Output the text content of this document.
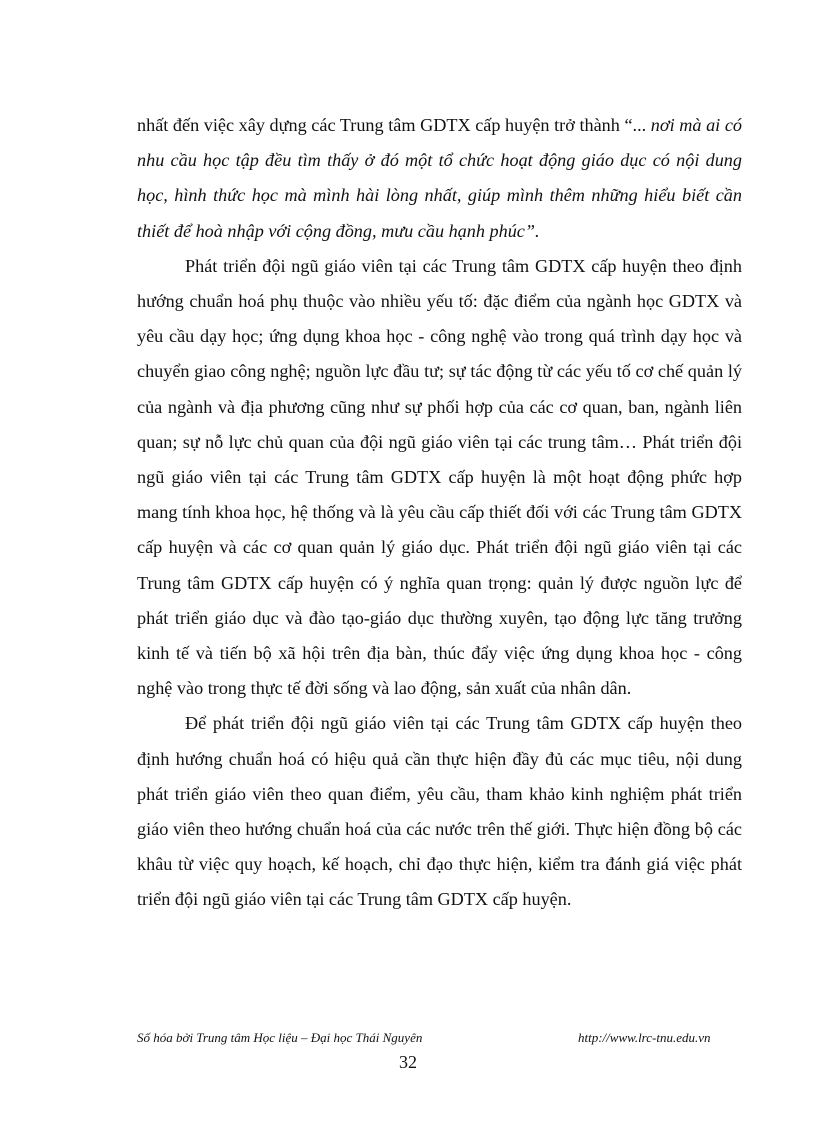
nhất đến việc xây dựng các Trung tâm GDTX cấp huyện trở thành “... nơi mà ai có nhu cầu học tập đều tìm thấy ở đó một tổ chức hoạt động giáo dục có nội dung học, hình thức học mà mình hài lòng nhất, giúp mình thêm những hiểu biết cần thiết để hoà nhập với cộng đồng, mưu cầu hạnh phúc”.

Phát triển đội ngũ giáo viên tại các Trung tâm GDTX cấp huyện theo định hướng chuẩn hoá phụ thuộc vào nhiều yếu tố: đặc điểm của ngành học GDTX và yêu cầu dạy học; ứng dụng khoa học - công nghệ vào trong quá trình dạy học và chuyển giao công nghệ; nguồn lực đầu tư; sự tác động từ các yếu tố cơ chế quản lý của ngành và địa phương cũng như sự phối hợp của các cơ quan, ban, ngành liên quan; sự nỗ lực chủ quan của đội ngũ giáo viên tại các trung tâm… Phát triển đội ngũ giáo viên tại các Trung tâm GDTX cấp huyện là một hoạt động phức hợp mang tính khoa học, hệ thống và là yêu cầu cấp thiết đối với các Trung tâm GDTX cấp huyện và các cơ quan quản lý giáo dục. Phát triển đội ngũ giáo viên tại các Trung tâm GDTX cấp huyện có ý nghĩa quan trọng: quản lý được nguồn lực để phát triển giáo dục và đào tạo-giáo dục thường xuyên, tạo động lực tăng trưởng kinh tế và tiến bộ xã hội trên địa bàn, thúc đẩy việc ứng dụng khoa học - công nghệ vào trong thực tế đời sống và lao động, sản xuất của nhân dân.

Để phát triển đội ngũ giáo viên tại các Trung tâm GDTX cấp huyện theo định hướng chuẩn hoá có hiệu quả cần thực hiện đầy đủ các mục tiêu, nội dung phát triển giáo viên theo quan điểm, yêu cầu, tham khảo kinh nghiệm phát triển giáo viên theo hướng chuẩn hoá của các nước trên thế giới. Thực hiện đồng bộ các khâu từ việc quy hoạch, kế hoạch, chỉ đạo thực hiện, kiểm tra đánh giá việc phát triển đội ngũ giáo viên tại các Trung tâm GDTX cấp huyện.

Số hóa bởi Trung tâm Học liệu – Đại học Thái Nguyên	http://www.lrc-tnu.edu.vn
32
